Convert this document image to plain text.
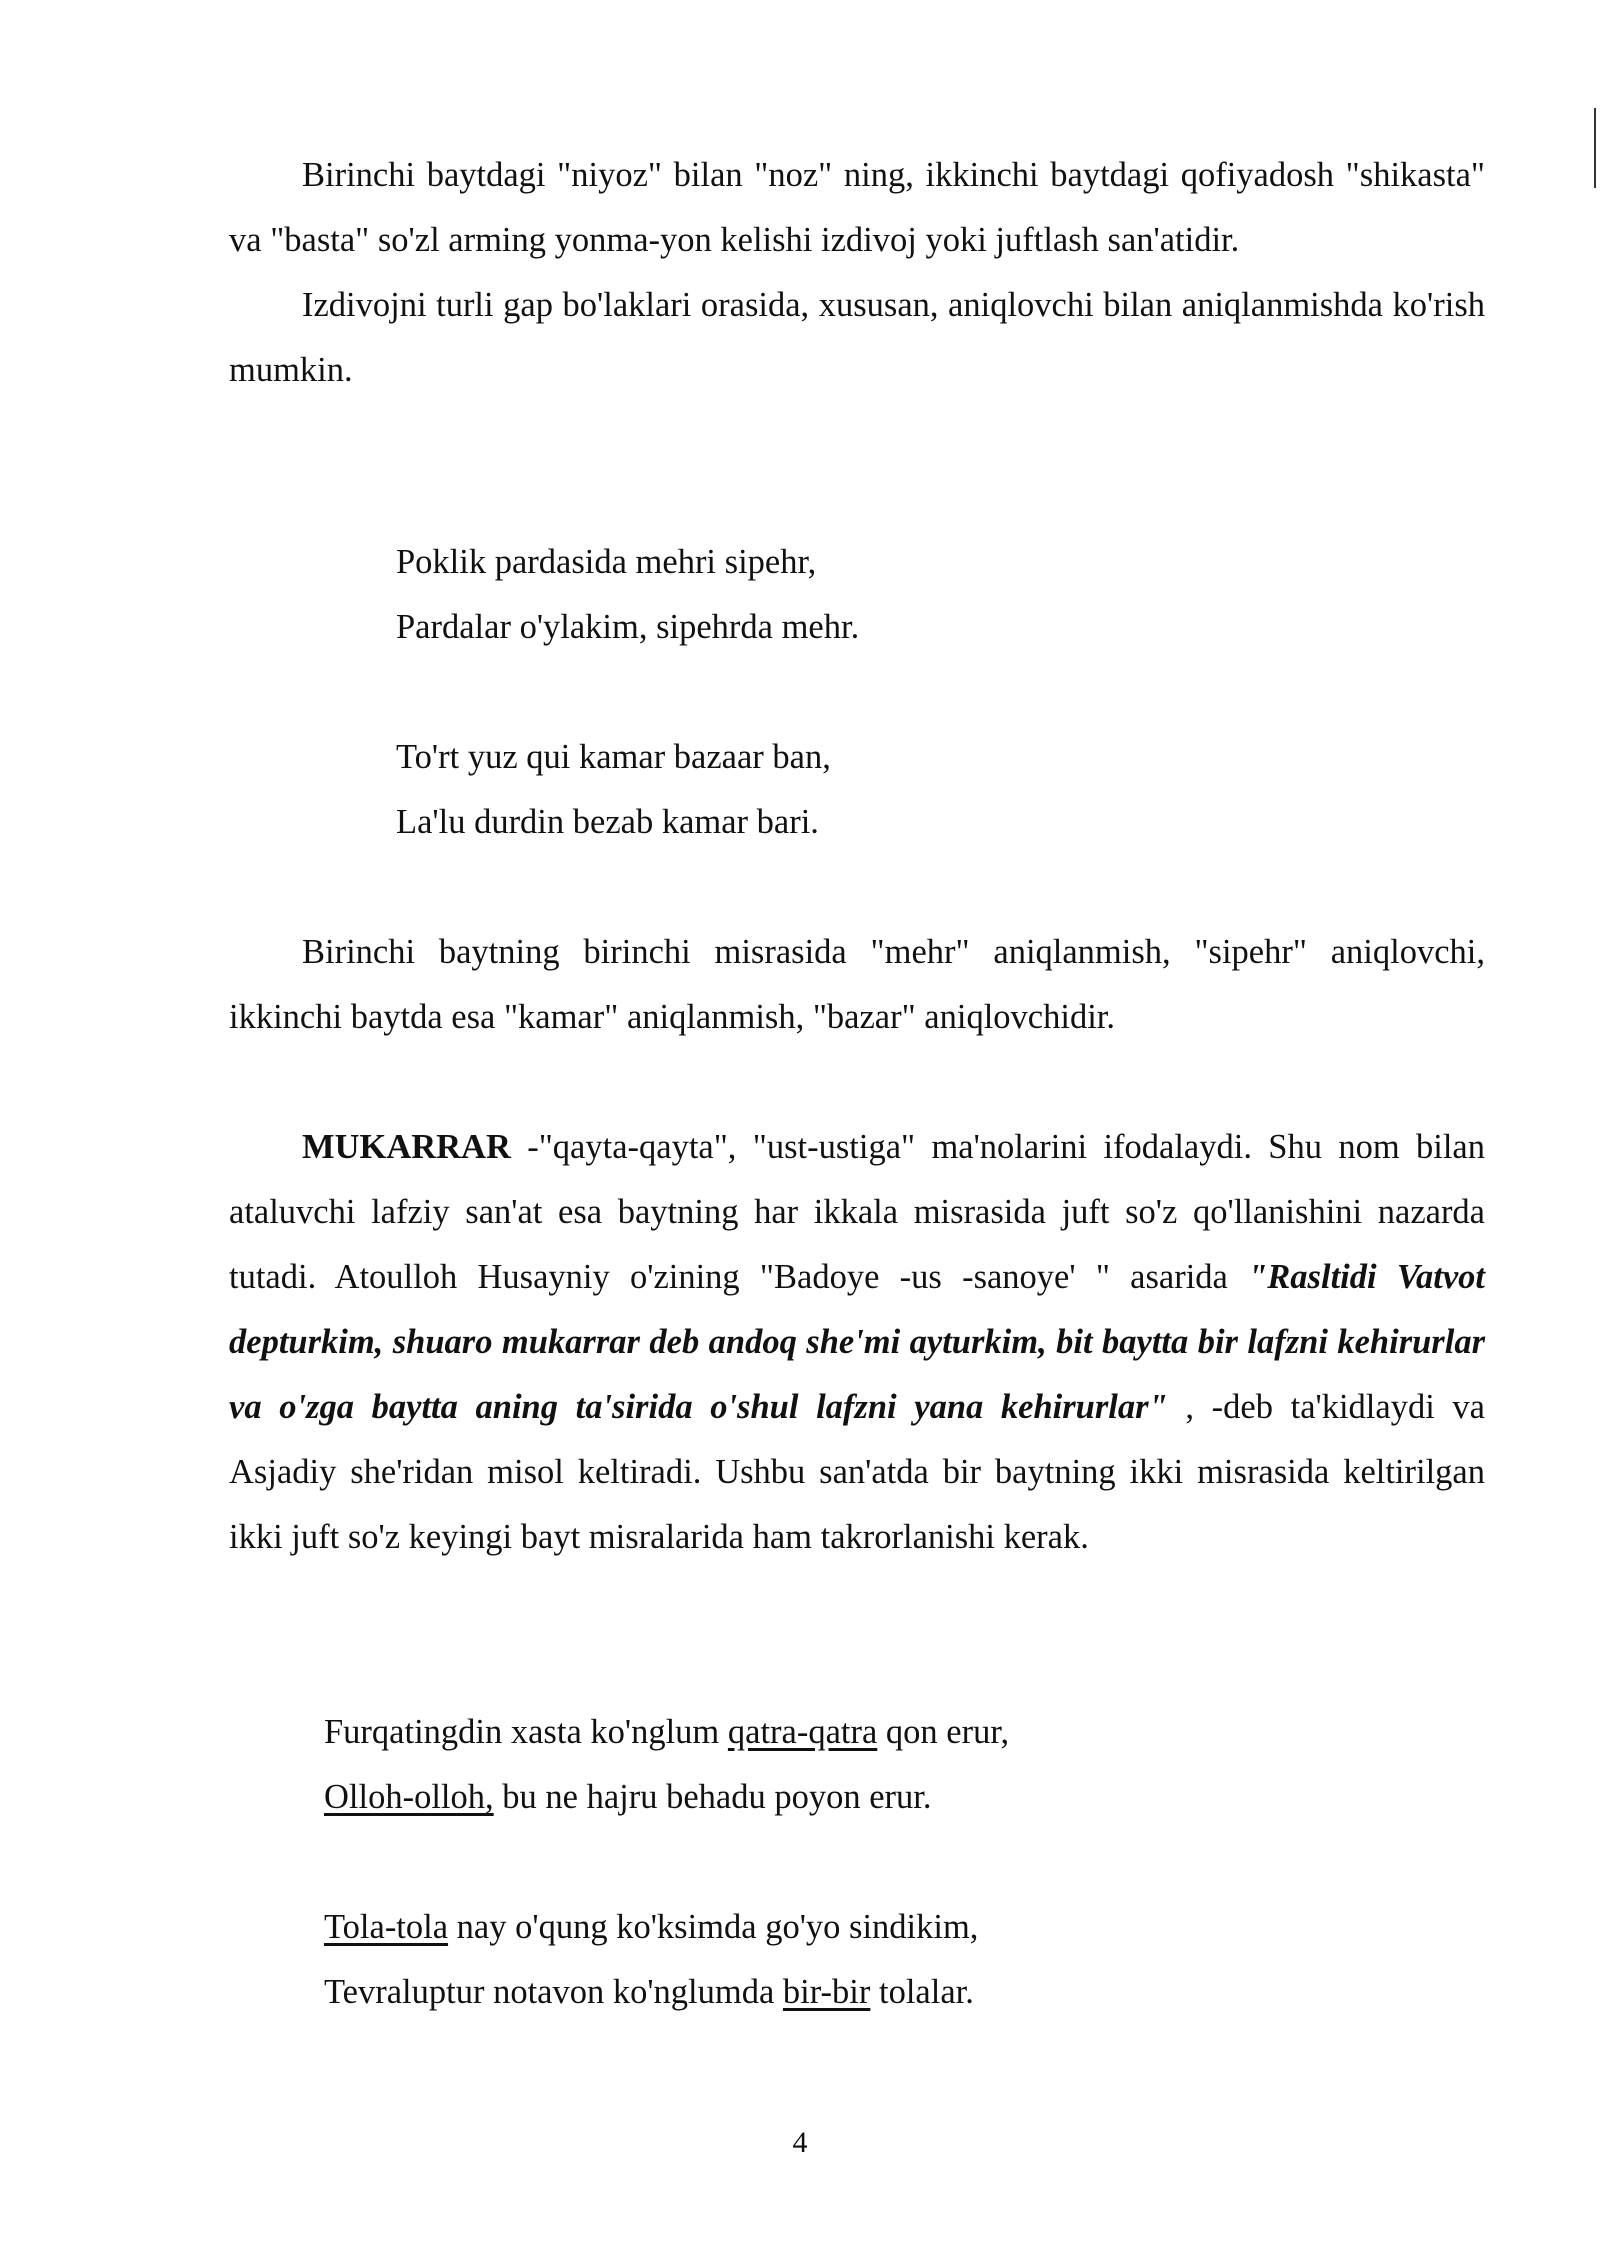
Birinchi baytdagi "niyoz" bilan "noz" ning, ikkinchi baytdagi qofiyadosh "shikasta" va "basta" so'zl arming yonma-yon kelishi izdivoj yoki juftlash san'atidir.

Izdivojni turli gap bo'laklari orasida, xususan, aniqlovchi bilan aniqlanmishda ko'rish mumkin.

Poklik pardasida mehri sipehr,
Pardalar o'ylakim, sipehrda mehr.
To'rt yuz qui kamar bazaar ban,
La'lu durdin bezab kamar bari.

Birinchi baytning birinchi misrasida "mehr" aniqlanmish, "sipehr" aniqlovchi, ikkinchi baytda esa "kamar" aniqlanmish, "bazar" aniqlovchidir.

MUKARRAR -"qayta-qayta", "ust-ustiga" ma'nolarini ifodalaydi. Shu nom bilan ataluvchi lafziy san'at esa baytning har ikkala misrasida juft so'z qo'llanishini nazarda tutadi. Atoulloh Husayniy o'zining "Badoye -us -sanoye' " asarida "Rasltidi Vatvot depturkim, shuaro mukarrar deb andoq she'mi ayturkim, bit baytta bir lafzni kehirurlar va o'zga baytta aning ta'sirida o'shul lafzni yana kehirurlar" , -deb ta'kidlaydi va Asjadiy she'ridan misol keltiradi. Ushbu san'atda bir baytning ikki misrasida keltirilgan ikki juft so'z keyingi bayt misralarida ham takrorlanishi kerak.

Furqatingdin xasta ko'nglum qatra-qatra qon erur,
Olloh-olloh, bu ne hajru behadu poyon erur.
Tola-tola nay o'qung ko'ksimda go'yo sindikim,
Tevraluptur notavon ko'nglumda bir-bir tolalar.
4
